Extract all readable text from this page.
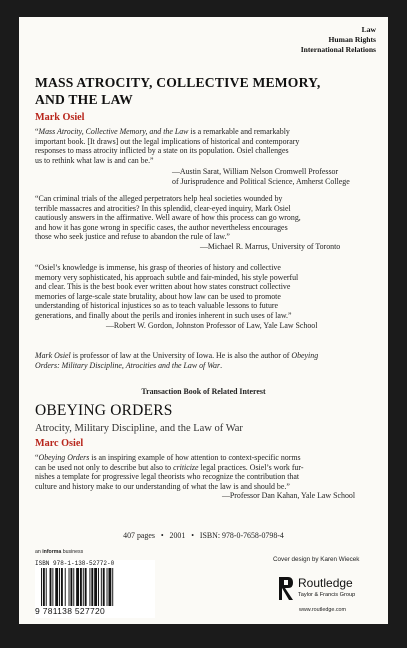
Law
Human Rights
International Relations
MASS ATROCITY, COLLECTIVE MEMORY,
AND THE LAW
Mark Osiel
“Mass Atrocity, Collective Memory, and the Law is a remarkable and remarkably
important book. [It draws] out the legal implications of historical and contemporary
responses to mass atrocity inflicted by a state on its population. Osiel challenges
us to rethink what law is and can be.”
—Austin Sarat, William Nelson Cromwell Professor
of Jurisprudence and Political Science, Amherst College
“Can criminal trials of the alleged perpetrators help heal societies wounded by
terrible massacres and atrocities? In this splendid, clear-eyed inquiry, Mark Osiel
cautiously answers in the affirmative. Well aware of how this process can go wrong,
and how it has gone wrong in specific cases, the author nevertheless encourages
those who seek justice and refuse to abandon the rule of law.”
—Michael R. Marrus, University of Toronto
“Osiel’s knowledge is immense, his grasp of theories of history and collective
memory very sophisticated, his approach subtle and fair-minded, his style powerful
and clear. This is the best book ever written about how states construct collective
memories of large-scale state brutality, about how law can be used to promote
understanding of historical injustices so as to teach valuable lessons to future
generations, and finally about the perils and ironies inherent in such uses of law.”
—Robert W. Gordon, Johnston Professor of Law, Yale Law School
Mark Osiel is professor of law at the University of Iowa. He is also the author of Obeying
Orders: Military Discipline, Atrocities and the Law of War.
Transaction Book of Related Interest
OBEYING ORDERS
Atrocity, Military Discipline, and the Law of War
Marc Osiel
“Obeying Orders is an inspiring example of how attention to context-specific norms
can be used not only to describe but also to criticize legal practices. Osiel’s work fur-
nishes a template for progressive legal theorists who recognize the contribution that
culture and history make to our understanding of what the law is and should be.”
—Professor Dan Kahan, Yale Law School
407 pages   •   2001   •   ISBN: 978-0-7658-0798-4
an informa business
ISBN 978-1-138-52772-0
9 781138 527720
Cover design by Karen Wiecek
Routledge
Taylor & Francis Group
www.routledge.com
